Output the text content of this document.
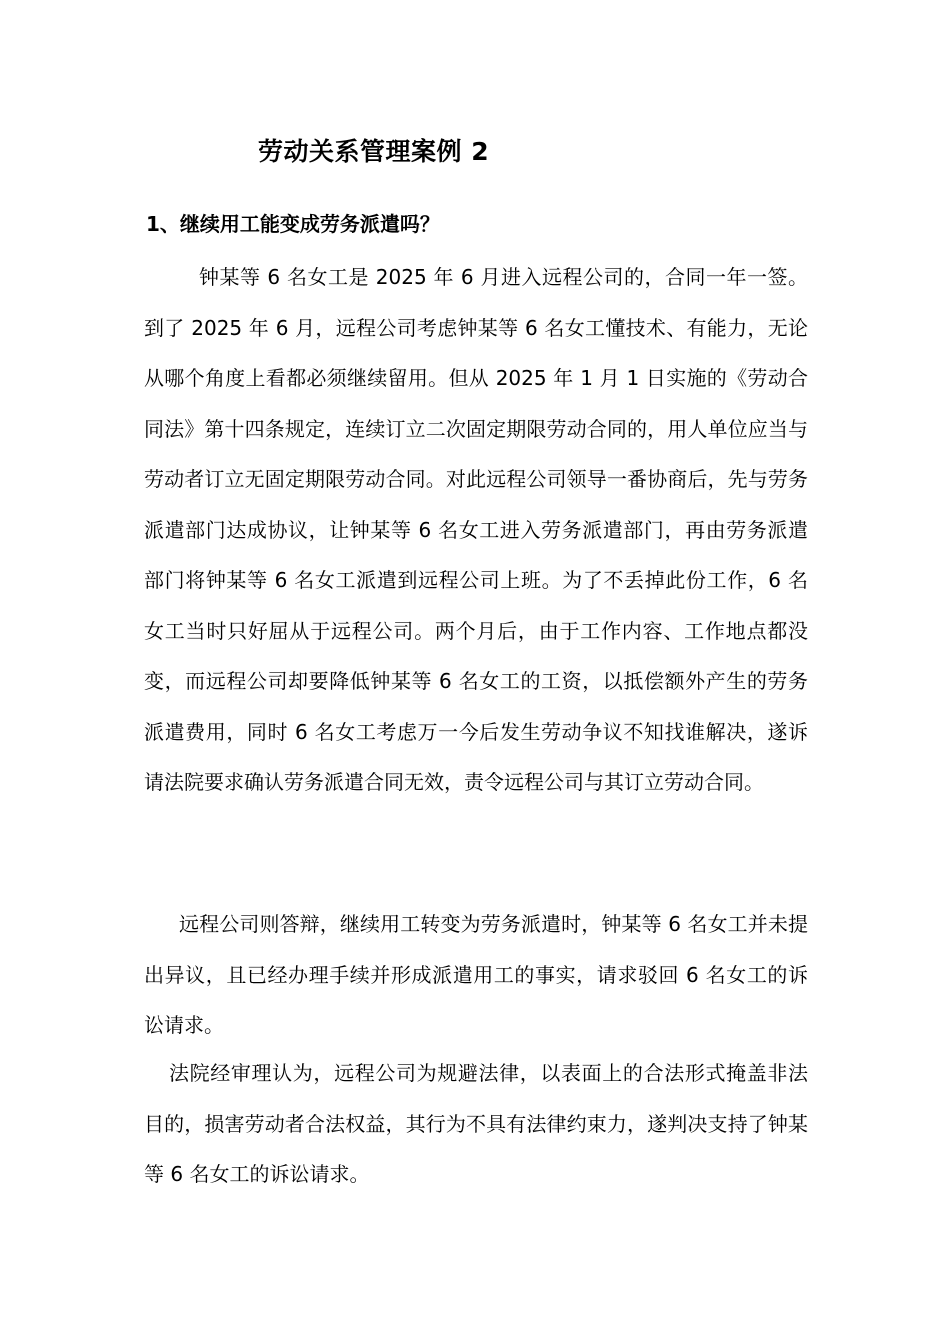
劳动关系管理案例 2
1、继续用工能变成劳务派遣吗？

钟某等 6 名女工是 2025 年 6 月进入远程公司的，合同一年一签。到了 2025 年 6 月，远程公司考虑钟某等 6 名女工懂技术、有能力，无论从哪个角度上看都必须继续留用。但从 2025 年 1 月 1 日实施的《劳动合同法》第十四条规定，连续订立二次固定期限劳动合同的，用人单位应当与劳动者订立无固定期限劳动合同。对此远程公司领导一番协商后，先与劳务派遣部门达成协议，让钟某等 6 名女工进入劳务派遣部门，再由劳务派遣部门将钟某等 6 名女工派遣到远程公司上班。为了不丢掉此份工作，6 名女工当时只好屈从于远程公司。两个月后，由于工作内容、工作地点都没变，而远程公司却要降低钟某等 6 名女工的工资，以抵偿额外产生的劳务派遣费用，同时 6 名女工考虑万一今后发生劳动争议不知找谁解决，遂诉请法院要求确认劳务派遣合同无效，责令远程公司与其订立劳动合同。

远程公司则答辩，继续用工转变为劳务派遣时，钟某等 6 名女工并未提出异议，且已经办理手续并形成派遣用工的事实，请求驳回 6 名女工的诉讼请求。

法院经审理认为，远程公司为规避法律，以表面上的合法形式掩盖非法目的，损害劳动者合法权益，其行为不具有法律约束力，遂判决支持了钟某等 6 名女工的诉讼请求。
